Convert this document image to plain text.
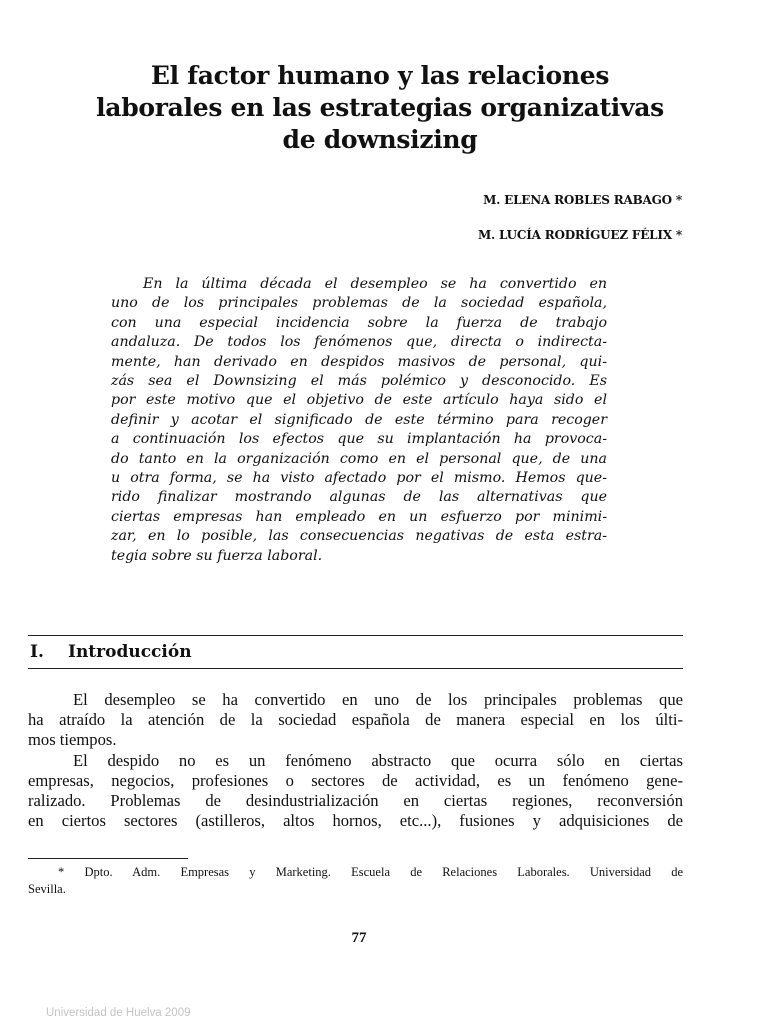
El factor humano y las relaciones
laborales en las estrategias organizativas
de downsizing
M. ELENA ROBLES RABAGO *
M. LUCÍA RODRÍGUEZ FÉLIX *
En la última década el desempleo se ha convertido en
uno de los principales problemas de la sociedad española,
con una especial incidencia sobre la fuerza de trabajo
andaluza. De todos los fenómenos que, directa o indirecta-
mente, han derivado en despidos masivos de personal, qui-
zás sea el Downsizing el más polémico y desconocido. Es
por este motivo que el objetivo de este artículo haya sido el
definir y acotar el significado de este término para recoger
a continuación los efectos que su implantación ha provoca-
do tanto en la organización como en el personal que, de una
u otra forma, se ha visto afectado por el mismo. Hemos que-
rido finalizar mostrando algunas de las alternativas que
ciertas empresas han empleado en un esfuerzo por minimi-
zar, en lo posible, las consecuencias negativas de esta estra-
tegia sobre su fuerza laboral.
I. Introducción
El desempleo se ha convertido en uno de los principales problemas que
ha atraído la atención de la sociedad española de manera especial en los últi-
mos tiempos.
El despido no es un fenómeno abstracto que ocurra sólo en ciertas
empresas, negocios, profesiones o sectores de actividad, es un fenómeno gene-
ralizado. Problemas de desindustrialización en ciertas regiones, reconversión
en ciertos sectores (astilleros, altos hornos, etc...), fusiones y adquisiciones de
* Dpto. Adm. Empresas y Marketing. Escuela de Relaciones Laborales. Universidad de
Sevilla.
77
Universidad de Huelva 2009
